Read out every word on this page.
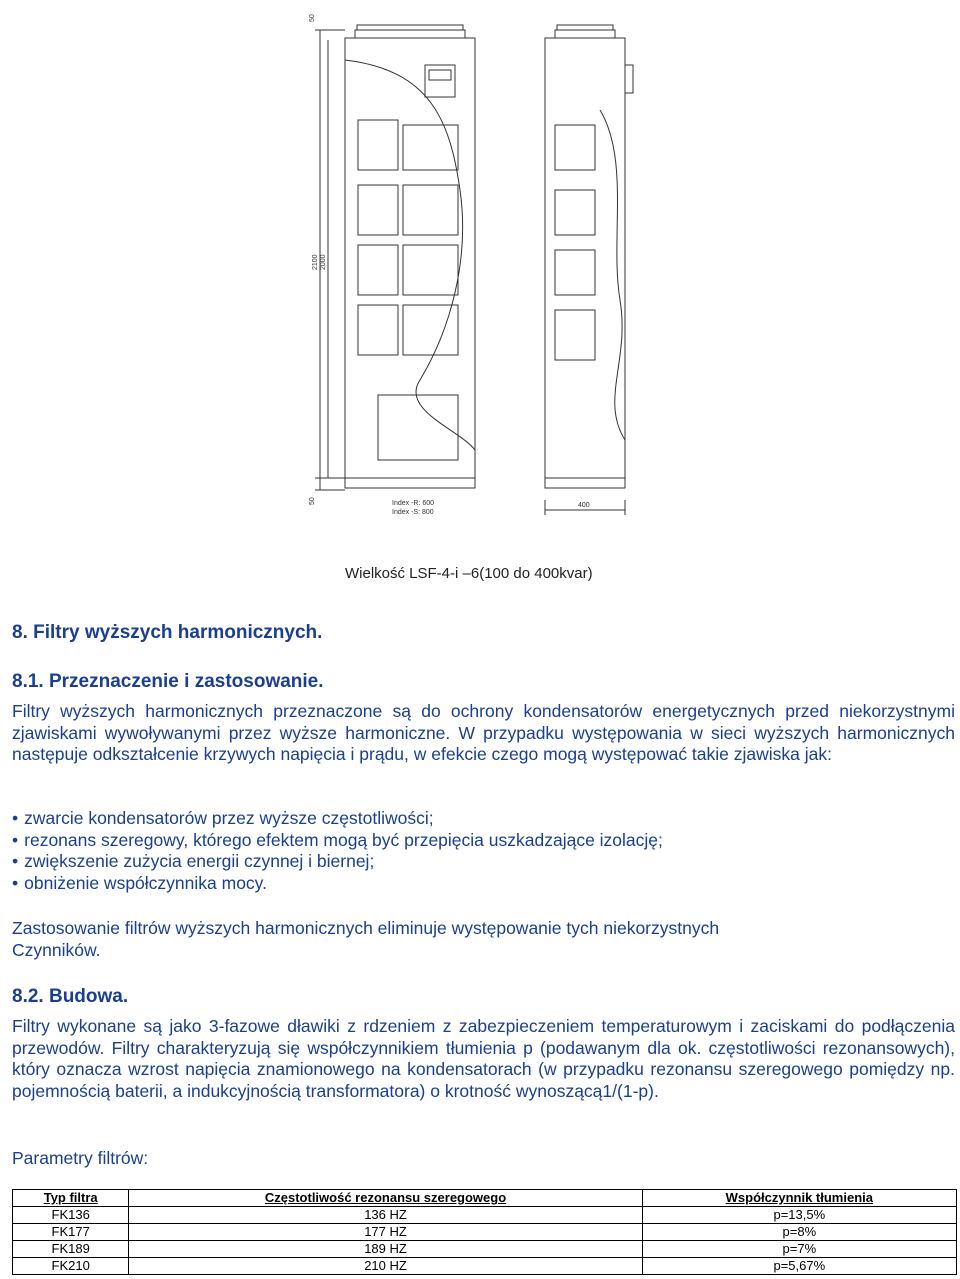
50
2100 2000
50	Index -R: 600
Index -S: 800
400
Wielkość LSF-4-i –6(100 do 400kvar)
8. Filtry wyższych harmonicznych.
8.1. Przeznaczenie i zastosowanie.

Filtry wyższych harmonicznych przeznaczone są do ochrony kondensatorów energetycznych przed niekorzystnymi zjawiskami wywoływanymi przez wyższe harmoniczne. W przypadku występowania w sieci wyższych harmonicznych następuje odkształcenie krzywych napięcia i prądu, w efekcie czego mogą występować takie zjawiska jak:

• zwarcie kondensatorów przez wyższe częstotliwości;
• rezonans szeregowy, którego efektem mogą być przepięcia uszkadzające izolację;
• zwiększenie zużycia energii czynnej i biernej;
• obniżenie współczynnika mocy.

Zastosowanie filtrów wyższych harmonicznych eliminuje występowanie tych niekorzystnych

Czynników.

8.2. Budowa.

Filtry wykonane są jako 3-fazowe dławiki z rdzeniem z zabezpieczeniem temperaturowym i zaciskami do podłączenia przewodów. Filtry charakteryzują się współczynnikiem tłumienia p (podawanym dla ok. częstotliwości rezonansowych), który oznacza wzrost napięcia znamionowego na kondensatorach (w przypadku rezonansu szeregowego pomiędzy np. pojemnością baterii, a indukcyjnością transformatora) o krotność wynoszącą1/(1-p).

Parametry filtrów:

Typ filtra	Częstotliwość rezonansu szeregowego	Współczynnik tłumienia
FK136	136 HZ	p=13,5%
FK177	177 HZ	p=8%
FK189	189 HZ	p=7%
FK210	210 HZ	p=5,67%
